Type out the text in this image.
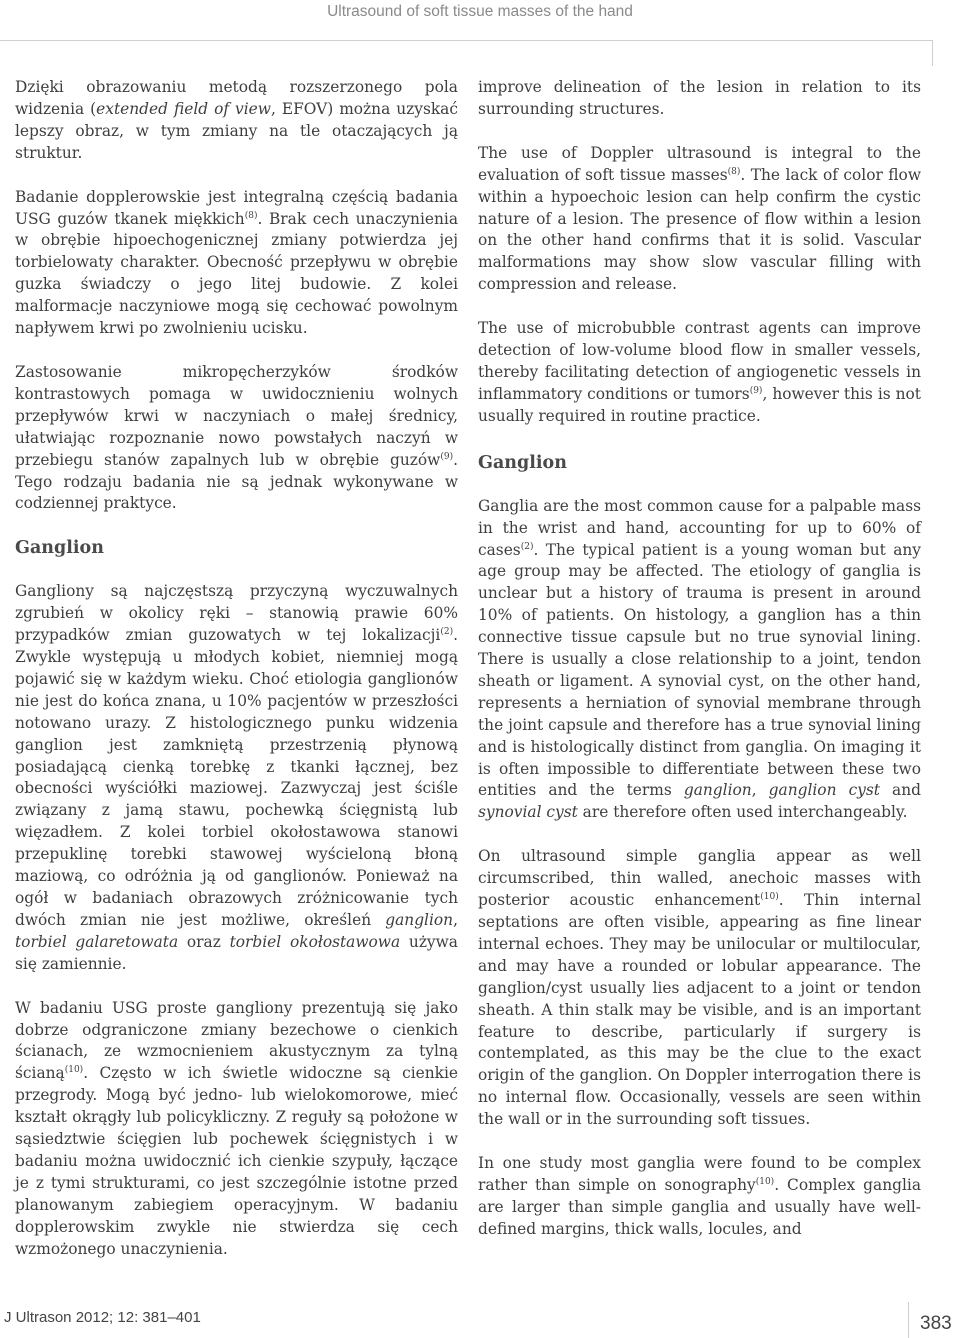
Ultrasound of soft tissue masses of the hand

Dzięki obrazowaniu metodą rozszerzonego pola widzenia (extended field of view, EFOV) można uzyskać lepszy obraz, w tym zmiany na tle otaczających ją struktur.

Badanie dopplerowskie jest integralną częścią badania USG guzów tkanek miękkich$^{(8)}$. Brak cech unaczynienia w obrębie hipoechogenicznej zmiany potwierdza jej torbielowaty charakter. Obecność przepływu w obrębie guzka świadczy o jego litej budowie. Z kolei malformacje naczyniowe mogą się cechować powolnym napływem krwi po zwolnieniu ucisku.

Zastosowanie mikropęcherzyków środków kontrastowych pomaga w uwidocznieniu wolnych przepływów krwi w naczyniach o małej średnicy, ułatwiając rozpoznanie nowo powstałych naczyń w przebiegu stanów zapalnych lub w obrębie guzów$^{(9)}$. Tego rodzaju badania nie są jednak wykonywane w codziennej praktyce.

Ganglion

Gangliony są najczęstszą przyczyną wyczuwalnych zgrubień w okolicy ręki – stanowią prawie 60% przypadków zmian guzowatych w tej lokalizacji$^{(2)}$. Zwykle występują u młodych kobiet, niemniej mogą pojawić się w każdym wieku. Choć etiologia ganglionów nie jest do końca znana, u 10% pacjentów w przeszłości notowano urazy. Z histologicznego punku widzenia ganglion jest zamkniętą przestrzenią płynową posiadającą cienką torebkę z tkanki łącznej, bez obecności wyściółki maziowej. Zazwyczaj jest ściśle związany z jamą stawu, pochewką ścięgnistą lub więzadłem. Z kolei torbiel okołostawowa stanowi przepuklinę torebki stawowej wyścieloną błoną maziową, co odróżnia ją od ganglionów. Ponieważ na ogół w badaniach obrazowych zróżnicowanie tych dwóch zmian nie jest możliwe, określeń ganglion, torbiel galaretowata oraz torbiel okołostawowa używa się zamiennie.

W badaniu USG proste gangliony prezentują się jako dobrze odgraniczone zmiany bezechowe o cienkich ścianach, ze wzmocnieniem akustycznym za tylną ścianą$^{(10)}$. Często w ich świetle widoczne są cienkie przegrody. Mogą być jedno- lub wielokomorowe, mieć kształt okrągły lub policykliczny. Z reguły są położone w sąsiedztwie ścięgien lub pochewek ścięgnistych i w badaniu można uwidocznić ich cienkie szypuły, łączące je z tymi strukturami, co jest szczególnie istotne przed planowanym zabiegiem operacyjnym. W badaniu dopplerowskim zwykle nie stwierdza się cech wzmożonego unaczynienia.

improve delineation of the lesion in relation to its surrounding structures.

The use of Doppler ultrasound is integral to the evaluation of soft tissue masses$^{(8)}$. The lack of color flow within a hypoechoic lesion can help confirm the cystic nature of a lesion. The presence of flow within a lesion on the other hand confirms that it is solid. Vascular malformations may show slow vascular filling with compression and release.

The use of microbubble contrast agents can improve detection of low-volume blood flow in smaller vessels, thereby facilitating detection of angiogenetic vessels in inflammatory conditions or tumors$^{(9)}$, however this is not usually required in routine practice.

Ganglion

Ganglia are the most common cause for a palpable mass in the wrist and hand, accounting for up to 60% of cases$^{(2)}$. The typical patient is a young woman but any age group may be affected. The etiology of ganglia is unclear but a history of trauma is present in around 10% of patients. On histology, a ganglion has a thin connective tissue capsule but no true synovial lining. There is usually a close relationship to a joint, tendon sheath or ligament. A synovial cyst, on the other hand, represents a herniation of synovial membrane through the joint capsule and therefore has a true synovial lining and is histologically distinct from ganglia. On imaging it is often impossible to differentiate between these two entities and the terms ganglion, ganglion cyst and synovial cyst are therefore often used interchangeably.

On ultrasound simple ganglia appear as well circumscribed, thin walled, anechoic masses with posterior acoustic enhancement$^{(10)}$. Thin internal septations are often visible, appearing as fine linear internal echoes. They may be unilocular or multilocular, and may have a rounded or lobular appearance. The ganglion/cyst usually lies adjacent to a joint or tendon sheath. A thin stalk may be visible, and is an important feature to describe, particularly if surgery is contemplated, as this may be the clue to the exact origin of the ganglion. On Doppler interrogation there is no internal flow. Occasionally, vessels are seen within the wall or in the surrounding soft tissues.

In one study most ganglia were found to be complex rather than simple on sonography$^{(10)}$. Complex ganglia are larger than simple ganglia and usually have well-defined margins, thick walls, locules, and

J Ultrason 2012; 12: 381–401	383
